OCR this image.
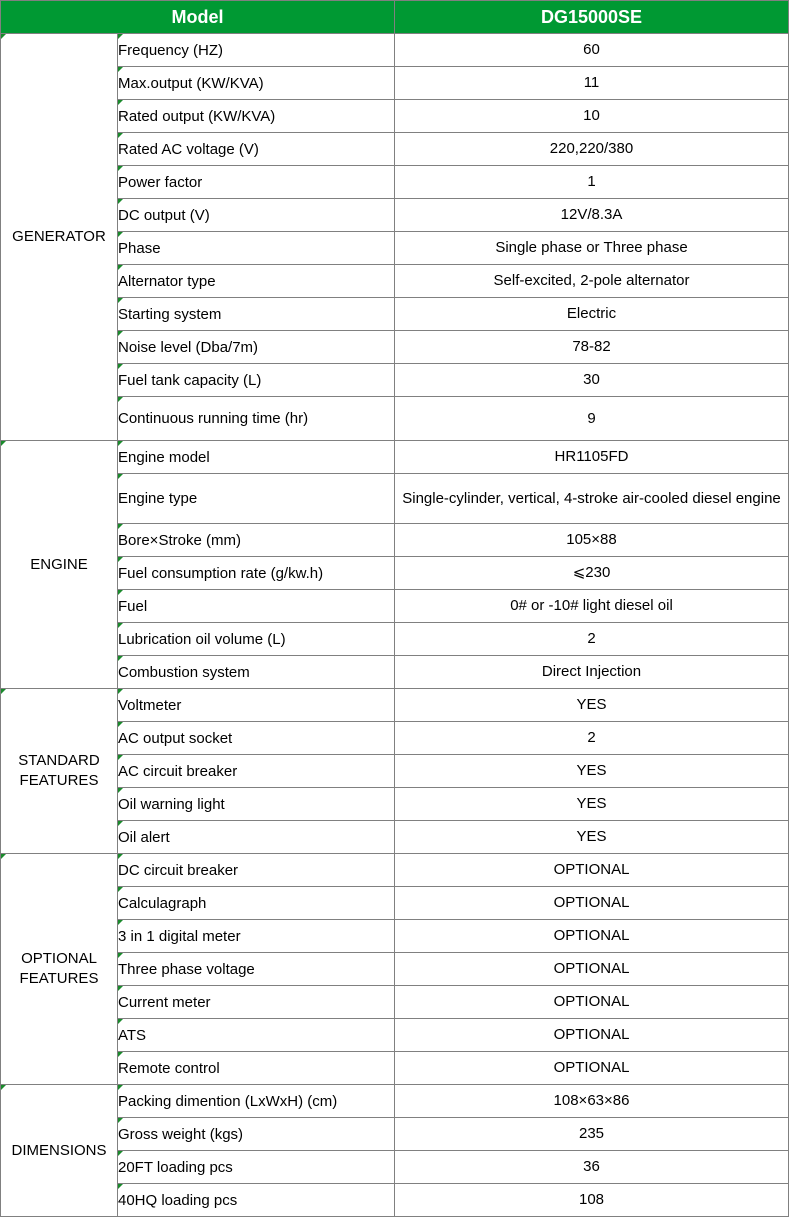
Model		DG15000SE
GENERATOR	Frequency (HZ)	60
	Max.output (KW/KVA)	11
	Rated output (KW/KVA)	10
	Rated AC voltage (V)	220,220/380
	Power factor	1
	DC output (V)	12V/8.3A
	Phase	Single phase or Three phase
	Alternator type	Self-excited, 2-pole alternator
	Starting system	Electric
	Noise level (Dba/7m)	78-82
	Fuel tank capacity (L)	30
	Continuous running time (hr)	9
ENGINE	Engine model	HR1105FD
	Engine type	Single-cylinder, vertical, 4-stroke air-cooled diesel engine
	Bore×Stroke (mm)	105×88
	Fuel consumption rate (g/kw.h)	⩽230
	Fuel	0# or -10# light diesel oil
	Lubrication oil volume (L)	2
	Combustion system	Direct Injection
STANDARD FEATURES	Voltmeter	YES
	AC output socket	2
	AC circuit breaker	YES
	Oil warning light	YES
	Oil alert	YES
OPTIONAL FEATURES	DC circuit breaker	OPTIONAL
	Calculagraph	OPTIONAL
	3 in 1 digital meter	OPTIONAL
	Three phase voltage	OPTIONAL
	Current meter	OPTIONAL
	ATS	OPTIONAL
	Remote control	OPTIONAL
DIMENSIONS	Packing dimention (LxWxH) (cm)	108×63×86
	Gross weight (kgs)	235
	20FT loading pcs	36
	40HQ loading pcs	108
